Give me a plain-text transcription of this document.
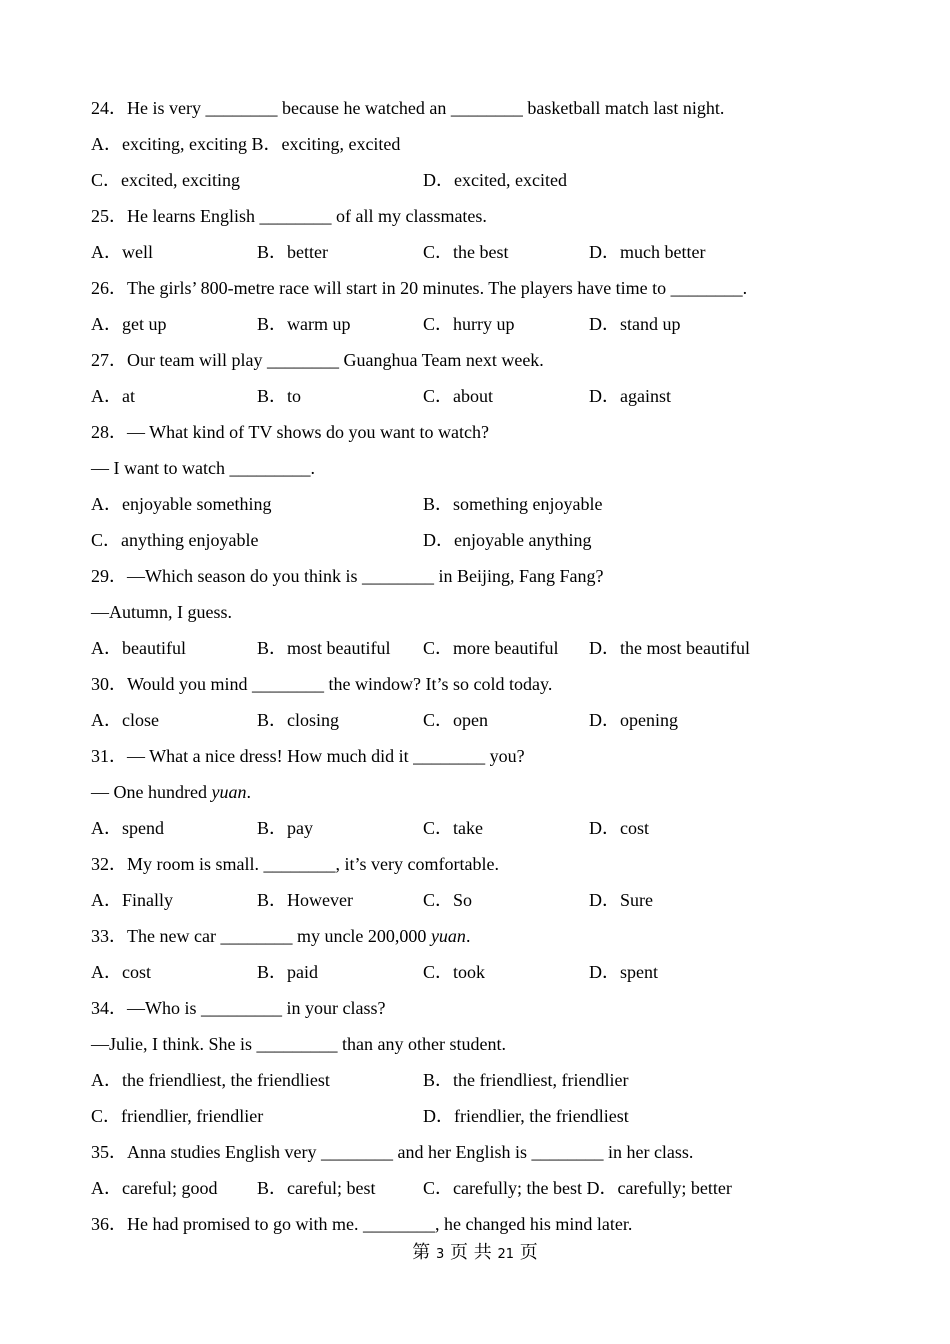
24．He is very ________ because he watched an ________ basketball match last night.
A．exciting, exciting B．exciting, excited
C．excited, exciting	D．excited, excited
25．He learns English ________ of all my classmates.
A．well	B．better	C．the best	D．much better
26．The girls’ 800-metre race will start in 20 minutes. The players have time to ________.
A．get up	B．warm up	C．hurry up	D．stand up
27．Our team will play ________ Guanghua Team next week.
A．at	B．to	C．about	D．against
28．— What kind of TV shows do you want to watch?
— I want to watch _________.
A．enjoyable something	B．something enjoyable
C．anything enjoyable	D．enjoyable anything
29．—Which season do you think is ________ in Beijing, Fang Fang?
—Autumn, I guess.
A．beautiful	B．most beautiful C．more beautiful D．the most beautiful
30．Would you mind ________ the window? It’s so cold today.
A．close	B．closing	C．open	D．opening
31．— What a nice dress! How much did it ________ you?
— One hundred yuan.
A．spend	B．pay	C．take	D．cost
32．My room is small. ________, it’s very comfortable.
A．Finally	B．However	C．So	D．Sure
33．The new car ________ my uncle 200,000 yuan.
A．cost	B．paid	C．took	D．spent
34．—Who is _________ in your class?
—Julie, I think. She is _________ than any other student.
A．the friendliest, the friendliest	B．the friendliest, friendlier
C．friendlier, friendlier	D．friendlier, the friendliest
35．Anna studies English very ________ and her English is ________ in her class.
A．careful; good B．careful; best	C．carefully; the best D．carefully; better
36．He had promised to go with me. ________, he changed his mind later.
第 3 页 共 21 页
